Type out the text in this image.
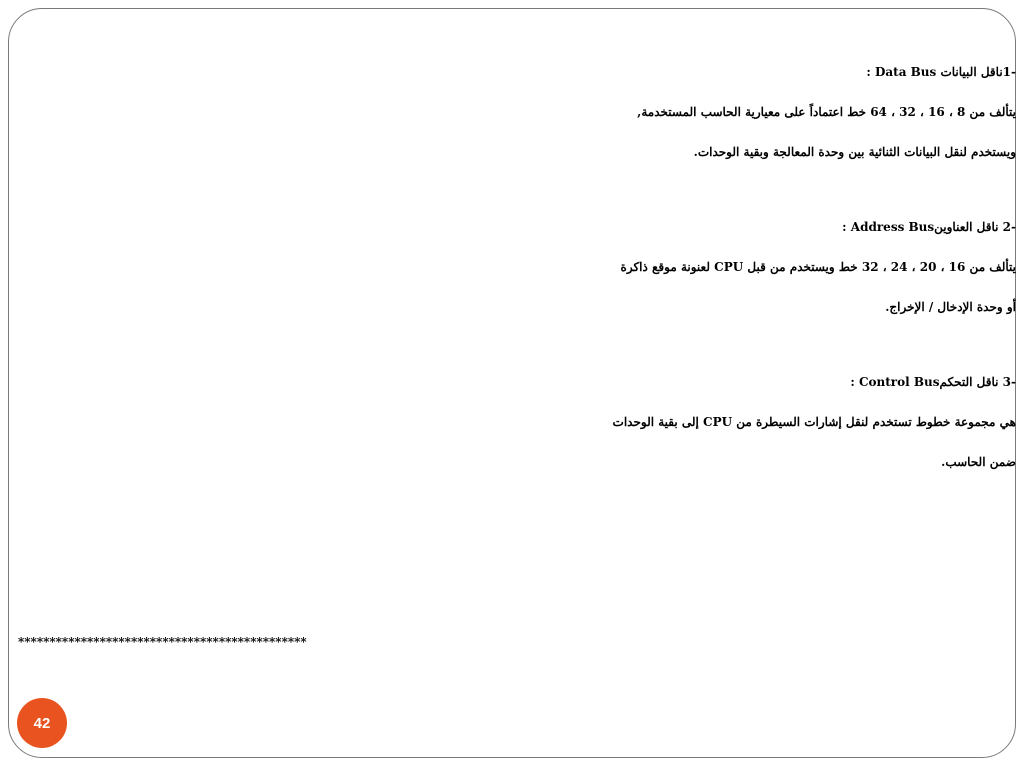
-1ناقل البيانات Data Bus :
يتألف من 8 ، 16 ، 32 ، 64 خط اعتماداً على معيارية الحاسب المستخدمة,
ويستخدم لنقل البيانات الثنائية بين وحدة المعالجة وبقية الوحدات.
-2 ناقل العناوينAddress Bus :
يتألف من 16 ، 20 ، 24 ، 32 خط ويستخدم من قبل CPU لعنونة موقع ذاكرة
أو وحدة الإدخال / الإخراج.
-3 ناقل التحكمControl Bus :
هي مجموعة خطوط تستخدم لنقل إشارات السيطرة من CPU إلى بقية الوحدات
ضمن الحاسب.
**********************************************
42
